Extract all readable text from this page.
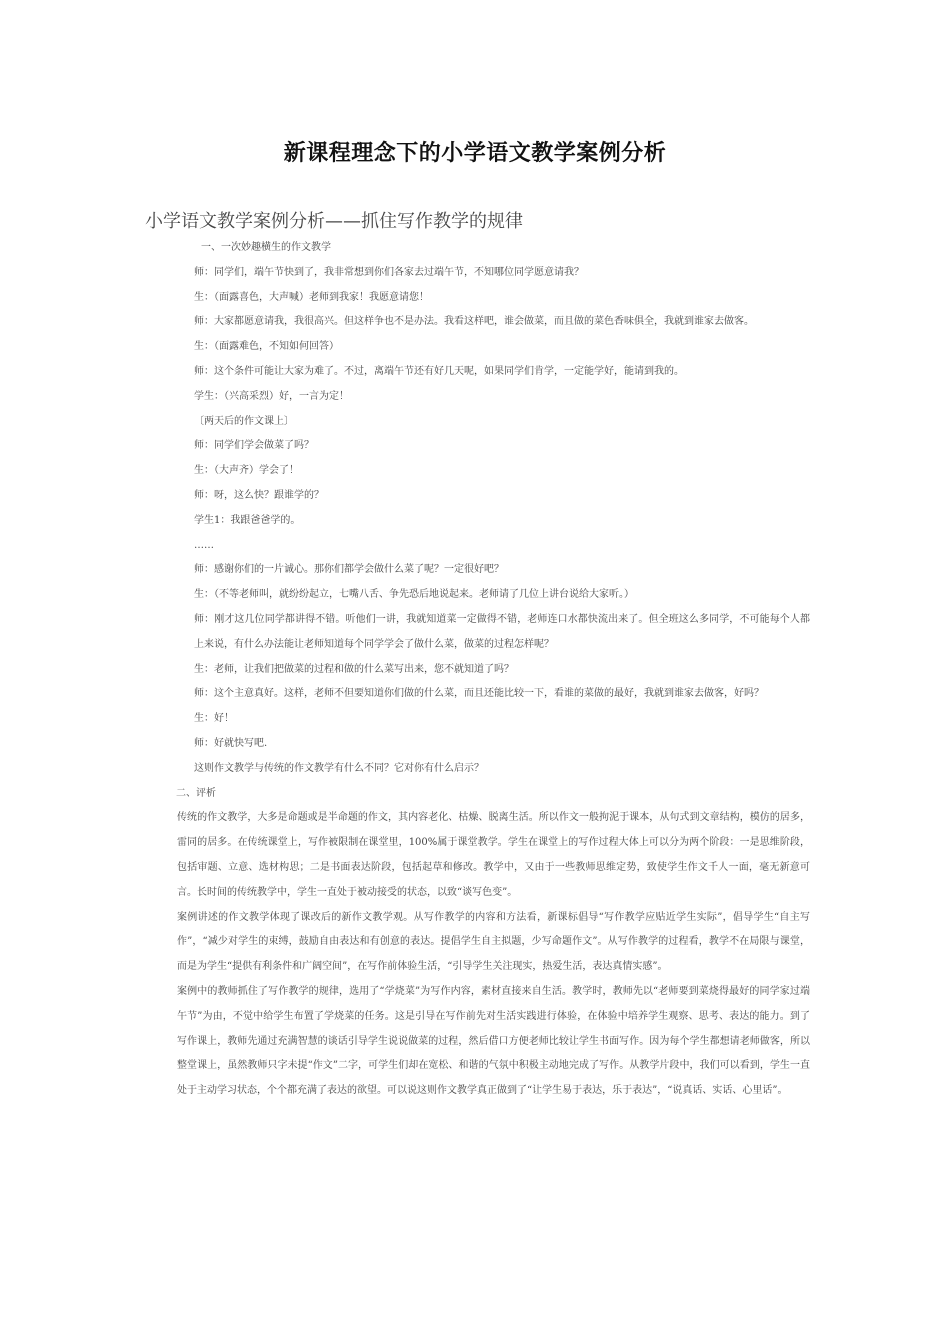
新课程理念下的小学语文教学案例分析
小学语文教学案例分析——抓住写作教学的规律

一、一次妙趣横生的作文教学

师：同学们，端午节快到了，我非常想到你们各家去过端午节，不知哪位同学愿意请我？

生：（面露喜色，大声喊）老师到我家！我愿意请您！

师：大家都愿意请我，我很高兴。但这样争也不是办法。我看这样吧，谁会做菜，而且做的菜色香味俱全，我就到谁家去做客。

生：（面露难色，不知如何回答）

师：这个条件可能让大家为难了。不过，离端午节还有好几天呢，如果同学们肯学，一定能学好，能请到我的。

学生：（兴高采烈）好，一言为定！

〔两天后的作文课上〕

师：同学们学会做菜了吗？

生：（大声齐）学会了！

师：呀，这么快？跟谁学的？

学生1：我跟爸爸学的。

……

师：感谢你们的一片诚心。那你们都学会做什么菜了呢？一定很好吧？

生：（不等老师叫，就纷纷起立，七嘴八舌、争先恐后地说起来。老师请了几位上讲台说给大家听。）

师：刚才这几位同学都讲得不错。听他们一讲，我就知道菜一定做得不错，老师连口水都快流出来了。但全班这么多同学，不可能每个人都上来说，有什么办法能让老师知道每个同学学会了做什么菜，做菜的过程怎样呢？

生：老师，让我们把做菜的过程和做的什么菜写出来，您不就知道了吗？

师：这个主意真好。这样，老师不但要知道你们做的什么菜，而且还能比较一下，看谁的菜做的最好，我就到谁家去做客，好吗？

生：好！

师：好就快写吧.

这则作文教学与传统的作文教学有什么不同？它对你有什么启示？

二、评析

传统的作文教学，大多是命题或是半命题的作文，其内容老化、枯燥、脱离生活。所以作文一般拘泥于课本，从句式到文章结构，模仿的居多，雷同的居多。在传统课堂上，写作被限制在课堂里，100%属于课堂教学。学生在课堂上的写作过程大体上可以分为两个阶段：一是思维阶段，包括审题、立意、选材构思；二是书面表达阶段，包括起草和修改。教学中，又由于一些教师思维定势，致使学生作文千人一面，毫无新意可言。长时间的传统教学中，学生一直处于被动接受的状态，以致“谈写色变”。

案例讲述的作文教学体现了课改后的新作文教学观。从写作教学的内容和方法看，新课标倡导“写作教学应贴近学生实际”，倡导学生“自主写作”，“减少对学生的束缚，鼓励自由表达和有创意的表达。提倡学生自主拟题，少写命题作文”。从写作教学的过程看，教学不在局限与课堂，而是为学生“提供有利条件和广阔空间”，在写作前体验生活，“引导学生关注现实，热爱生活，表达真情实感”。

案例中的教师抓住了写作教学的规律，选用了“学烧菜”为写作内容，素材直接来自生活。教学时，教师先以“老师要到菜烧得最好的同学家过端午节”为由，不觉中给学生布置了学烧菜的任务。这是引导在写作前先对生活实践进行体验，在体验中培养学生观察、思考、表达的能力。到了写作课上，教师先通过充满智慧的谈话引导学生说说做菜的过程，然后借口方便老师比较让学生书面写作。因为每个学生都想请老师做客，所以整堂课上，虽然教师只字未提“作文”二字，可学生们却在宽松、和谐的气氛中积极主动地完成了写作。从教学片段中，我们可以看到，学生一直处于主动学习状态，个个都充满了表达的欲望。可以说这则作文教学真正做到了“让学生易于表达，乐于表达”，“说真话、实话、心里话”。
